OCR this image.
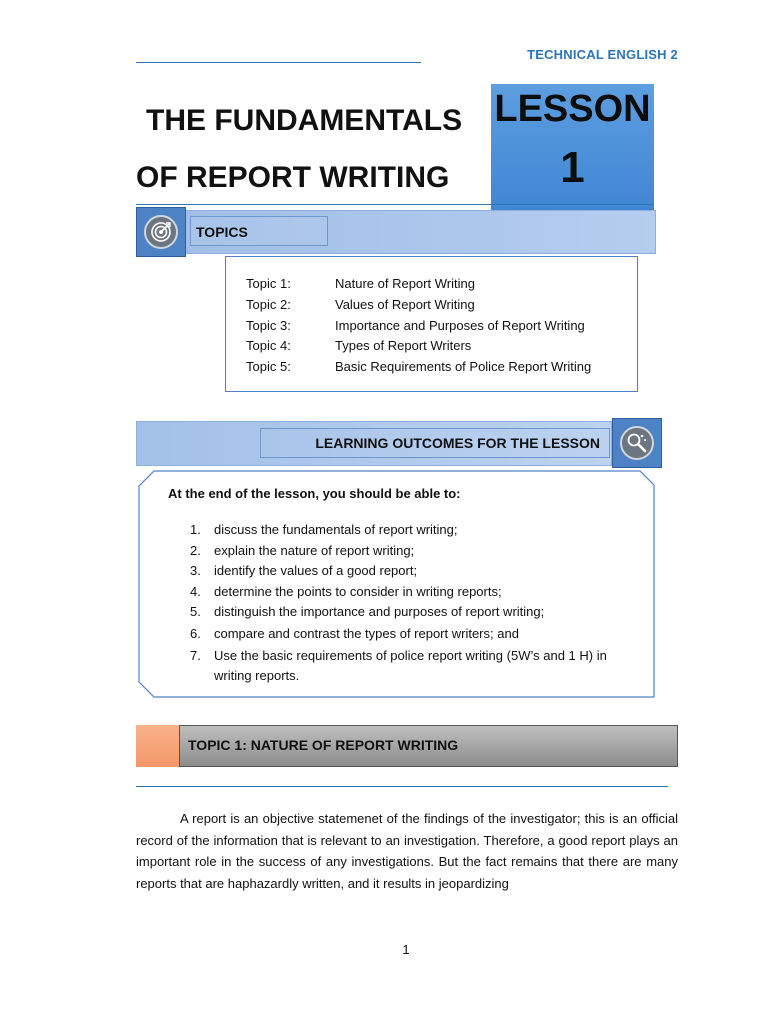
TECHNICAL ENGLISH 2
THE FUNDAMENTALS
OF REPORT WRITING
LESSON
1
TOPICS
Topic 1:	Nature of Report Writing
Topic 2:	Values of Report Writing
Topic 3:	Importance and Purposes of Report Writing
Topic 4:	Types of Report Writers
Topic 5:	Basic Requirements of Police Report Writing
LEARNING OUTCOMES FOR THE LESSON
At the end of the lesson, you should be able to:
1. discuss the fundamentals of report writing;
2. explain the nature of report writing;
3. identify the values of a good report;
4. determine the points to consider in writing reports;
5. distinguish the importance and purposes of report writing;
6. compare and contrast the types of report writers; and
7. Use the basic requirements of police report writing (5W’s and 1 H) in writing reports.
TOPIC 1: NATURE OF REPORT WRITING
A report is an objective statemenet of the findings of the investigator; this is an official record of the information that is relevant to an investigation. Therefore, a good report plays an important role in the success of any investigations. But the fact remains that there are many reports that are haphazardly written, and it results in jeopardizing
1
